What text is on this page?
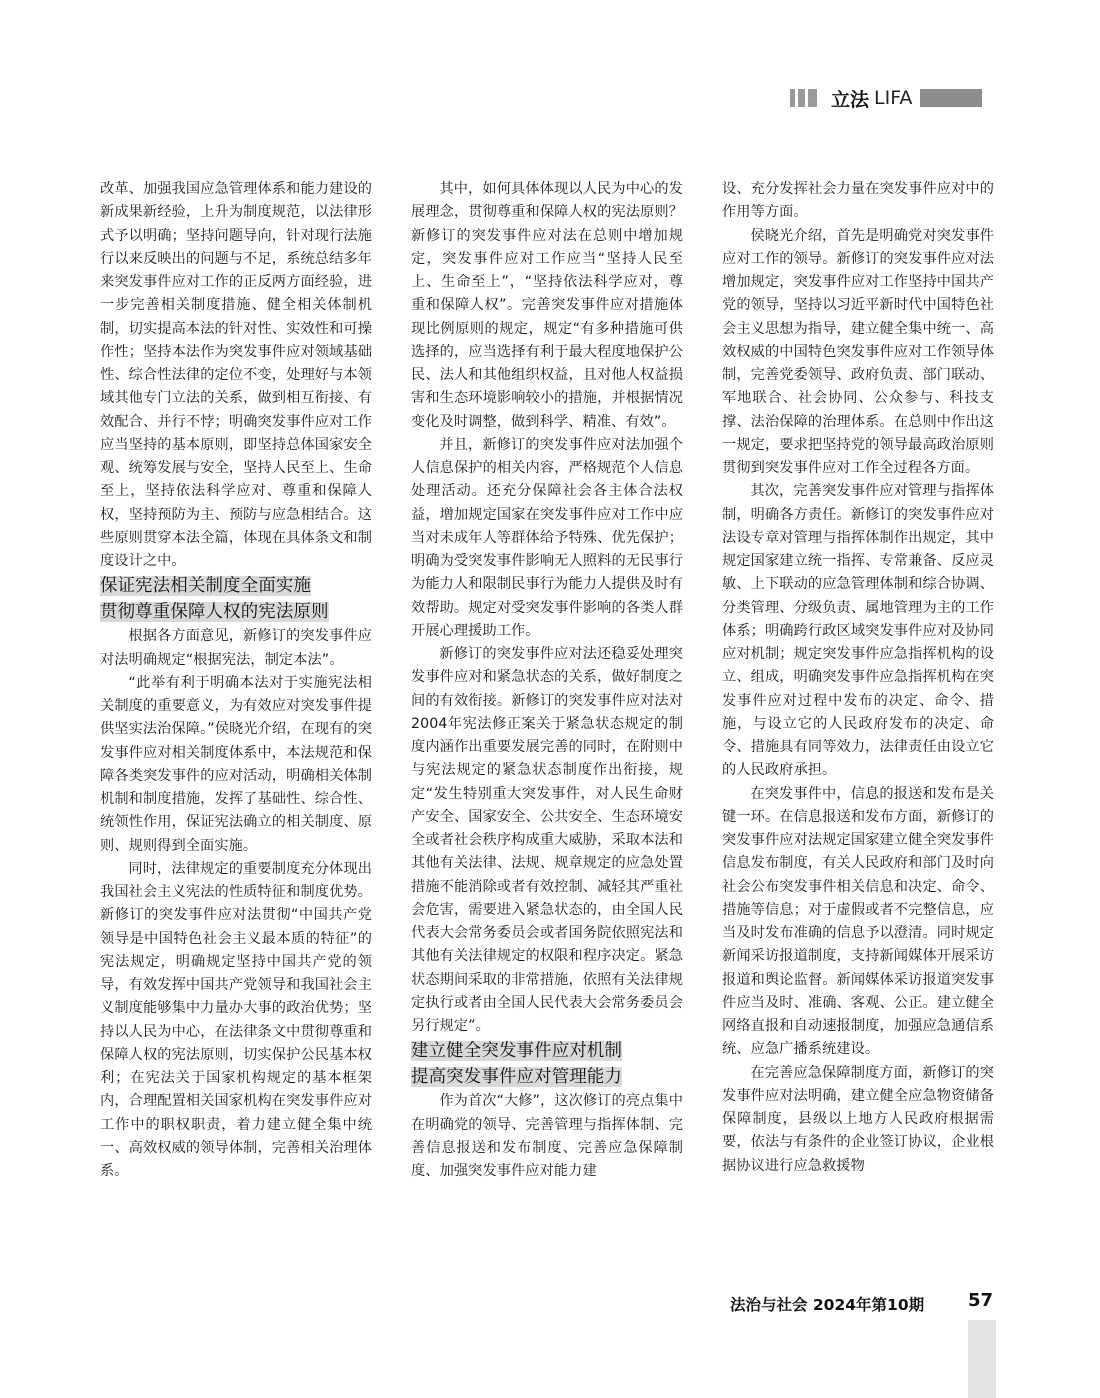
立法 LIFA

改革、加强我国应急管理体系和能力建设的新成果新经验，上升为制度规范，以法律形式予以明确；坚持问题导向，针对现行法施行以来反映出的问题与不足，系统总结多年来突发事件应对工作的正反两方面经验，进一步完善相关制度措施、健全相关体制机制，切实提高本法的针对性、实效性和可操作性；坚持本法作为突发事件应对领域基础性、综合性法律的定位不变，处理好与本领域其他专门立法的关系，做到相互衔接、有效配合、并行不悖；明确突发事件应对工作应当坚持的基本原则，即坚持总体国家安全观、统筹发展与安全，坚持人民至上、生命至上，坚持依法科学应对、尊重和保障人权，坚持预防为主、预防与应急相结合。这些原则贯穿本法全篇，体现在具体条文和制度设计之中。

保证宪法相关制度全面实施
贯彻尊重保障人权的宪法原则

根据各方面意见，新修订的突发事件应对法明确规定“根据宪法，制定本法”。

“此举有利于明确本法对于实施宪法相关制度的重要意义，为有效应对突发事件提供坚实法治保障。”侯晓光介绍，在现有的突发事件应对相关制度体系中，本法规范和保障各类突发事件的应对活动，明确相关体制机制和制度措施，发挥了基础性、综合性、统领性作用，保证宪法确立的相关制度、原则、规则得到全面实施。

同时，法律规定的重要制度充分体现出我国社会主义宪法的性质特征和制度优势。新修订的突发事件应对法贯彻“中国共产党领导是中国特色社会主义最本质的特征”的宪法规定，明确规定坚持中国共产党的领导，有效发挥中国共产党领导和我国社会主义制度能够集中力量办大事的政治优势；坚持以人民为中心，在法律条文中贯彻尊重和保障人权的宪法原则，切实保护公民基本权利；在宪法关于国家机构规定的基本框架内，合理配置相关国家机构在突发事件应对工作中的职权职责，着力建立健全集中统一、高效权威的领导体制，完善相关治理体系。

其中，如何具体体现以人民为中心的发展理念，贯彻尊重和保障人权的宪法原则？新修订的突发事件应对法在总则中增加规定，突发事件应对工作应当“坚持人民至上、生命至上”，“坚持依法科学应对，尊重和保障人权”。完善突发事件应对措施体现比例原则的规定，规定“有多种措施可供选择的，应当选择有利于最大程度地保护公民、法人和其他组织权益，且对他人权益损害和生态环境影响较小的措施，并根据情况变化及时调整，做到科学、精准、有效”。

并且，新修订的突发事件应对法加强个人信息保护的相关内容，严格规范个人信息处理活动。还充分保障社会各主体合法权益，增加规定国家在突发事件应对工作中应当对未成年人等群体给予特殊、优先保护；明确为受突发事件影响无人照料的无民事行为能力人和限制民事行为能力人提供及时有效帮助。规定对受突发事件影响的各类人群开展心理援助工作。

新修订的突发事件应对法还稳妥处理突发事件应对和紧急状态的关系，做好制度之间的有效衔接。新修订的突发事件应对法对2004年宪法修正案关于紧急状态规定的制度内涵作出重要发展完善的同时，在附则中与宪法规定的紧急状态制度作出衔接，规定“发生特别重大突发事件，对人民生命财产安全、国家安全、公共安全、生态环境安全或者社会秩序构成重大威胁，采取本法和其他有关法律、法规、规章规定的应急处置措施不能消除或者有效控制、减轻其严重社会危害，需要进入紧急状态的，由全国人民代表大会常务委员会或者国务院依照宪法和其他有关法律规定的权限和程序决定。紧急状态期间采取的非常措施，依照有关法律规定执行或者由全国人民代表大会常务委员会另行规定”。

建立健全突发事件应对机制
提高突发事件应对管理能力

作为首次“大修”，这次修订的亮点集中在明确党的领导、完善管理与指挥体制、完善信息报送和发布制度、完善应急保障制度、加强突发事件应对能力建

设、充分发挥社会力量在突发事件应对中的作用等方面。

侯晓光介绍，首先是明确党对突发事件应对工作的领导。新修订的突发事件应对法增加规定，突发事件应对工作坚持中国共产党的领导，坚持以习近平新时代中国特色社会主义思想为指导，建立健全集中统一、高效权威的中国特色突发事件应对工作领导体制，完善党委领导、政府负责、部门联动、军地联合、社会协同、公众参与、科技支撑、法治保障的治理体系。在总则中作出这一规定，要求把坚持党的领导最高政治原则贯彻到突发事件应对工作全过程各方面。

其次，完善突发事件应对管理与指挥体制，明确各方责任。新修订的突发事件应对法设专章对管理与指挥体制作出规定，其中规定国家建立统一指挥、专常兼备、反应灵敏、上下联动的应急管理体制和综合协调、分类管理、分级负责、属地管理为主的工作体系；明确跨行政区域突发事件应对及协同应对机制；规定突发事件应急指挥机构的设立、组成，明确突发事件应急指挥机构在突发事件应对过程中发布的决定、命令、措施，与设立它的人民政府发布的决定、命令、措施具有同等效力，法律责任由设立它的人民政府承担。

在突发事件中，信息的报送和发布是关键一环。在信息报送和发布方面，新修订的突发事件应对法规定国家建立健全突发事件信息发布制度，有关人民政府和部门及时向社会公布突发事件相关信息和决定、命令、措施等信息；对于虚假或者不完整信息，应当及时发布准确的信息予以澄清。同时规定新闻采访报道制度，支持新闻媒体开展采访报道和舆论监督。新闻媒体采访报道突发事件应当及时、准确、客观、公正。建立健全网络直报和自动速报制度，加强应急通信系统、应急广播系统建设。

在完善应急保障制度方面，新修订的突发事件应对法明确，建立健全应急物资储备保障制度，县级以上地方人民政府根据需要，依法与有条件的企业签订协议，企业根据协议进行应急救援物

法治与社会 2024年第10期 57
